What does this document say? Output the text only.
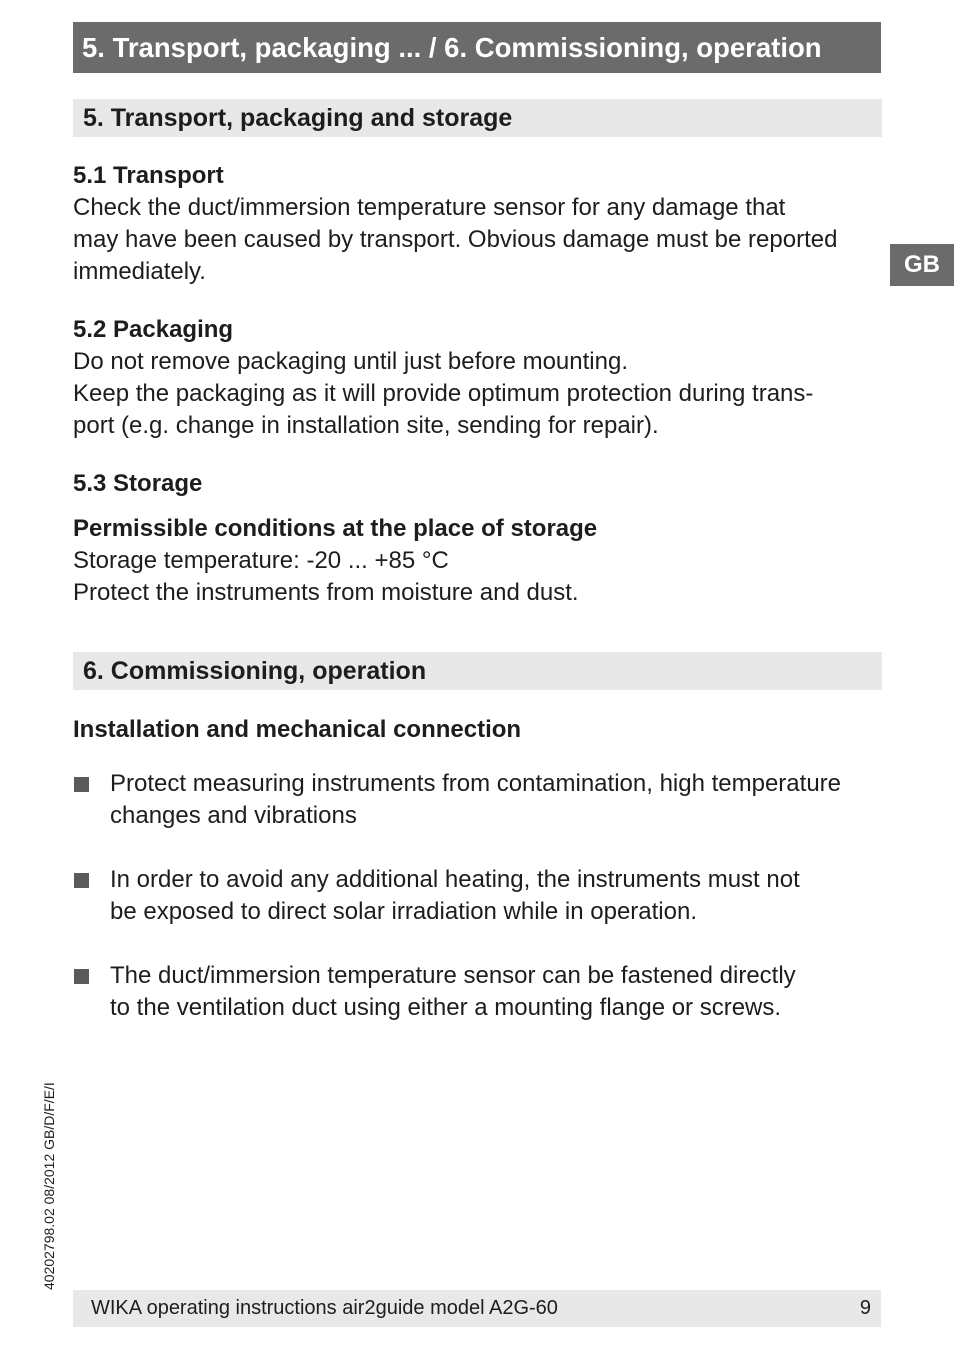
5. Transport, packaging ... / 6. Commissioning, operation
GB
5. Transport, packaging and storage
5.1 Transport
Check the duct/immersion temperature sensor for any damage that
may have been caused by transport. Obvious damage must be reported
immediately.
5.2 Packaging
Do not remove packaging until just before mounting.
Keep the packaging as it will provide optimum protection during trans-
port (e.g. change in installation site, sending for repair).
5.3 Storage
Permissible conditions at the place of storage
Storage temperature: -20 ... +85 °C
Protect the instruments from moisture and dust.
6. Commissioning, operation
Installation and mechanical connection
Protect measuring instruments from contamination, high temperature
changes and vibrations
In order to avoid any additional heating, the instruments must not
be exposed to direct solar irradiation while in operation.
The duct/immersion temperature sensor can be fastened directly
to the ventilation duct using either a mounting flange or screws.
40202798.02 08/2012 GB/D/F/E/I
WIKA operating instructions air2guide model A2G-60	9
